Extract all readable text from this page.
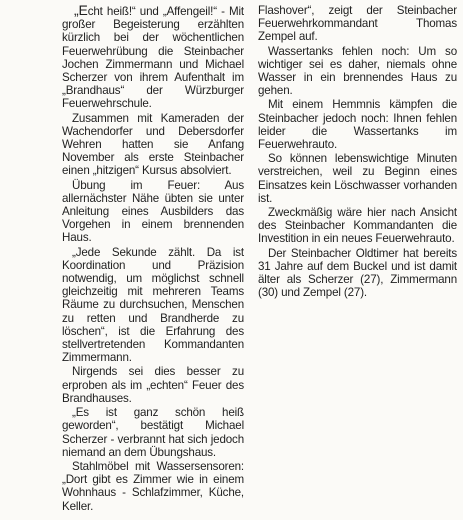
„Echt heiß!“ und „Affengeil!“ - Mit großer Begeisterung erzählten kürzlich bei der wöchentlichen Feuerwehrübung die Steinbacher Jochen Zimmermann und Michael Scherzer von ihrem Aufenthalt im „Brandhaus“ der Würzburger Feuerwehrschule.

Zusammen mit Kameraden der Wachendorfer und Debersdorfer Wehren hatten sie Anfang November als erste Steinbacher einen „hitzigen“ Kursus absolviert.

Übung im Feuer: Aus allernächster Nähe übten sie unter Anleitung eines Ausbilders das Vorgehen in einem brennenden Haus.

„Jede Sekunde zählt. Da ist Koordination und Präzision notwendig, um möglichst schnell gleichzeitig mit mehreren Teams Räume zu durchsuchen, Menschen zu retten und Brandherde zu löschen“, ist die Erfahrung des stellvertretenden Kommandanten Zimmermann.

Nirgends sei dies besser zu erproben als im „echten“ Feuer des Brandhauses.

„Es ist ganz schön heiß geworden“, bestätigt Michael Scherzer - verbrannt hat sich jedoch niemand an dem Übungshaus.

Stahlmöbel mit Wassersensoren: „Dort gibt es Zimmer wie in einem Wohnhaus - Schlafzimmer, Küche, Keller.

Flashover“, zeigt der Steinbacher Feuerwehrkommandant Thomas Zempel auf.

Wassertanks fehlen noch: Um so wichtiger sei es daher, niemals ohne Wasser in ein brennendes Haus zu gehen.

Mit einem Hemmnis kämpfen die Steinbacher jedoch noch: Ihnen fehlen leider die Wassertanks im Feuerwehrauto.

So können lebenswichtige Minuten verstreichen, weil zu Beginn eines Einsatzes kein Löschwasser vorhanden ist.

Zweckmäßig wäre hier nach Ansicht des Steinbacher Kommandanten die Investition in ein neues Feuerwehrauto.

Der Steinbacher Oldtimer hat bereits 31 Jahre auf dem Buckel und ist damit älter als Scherzer (27), Zimmermann (30) und Zempel (27).
